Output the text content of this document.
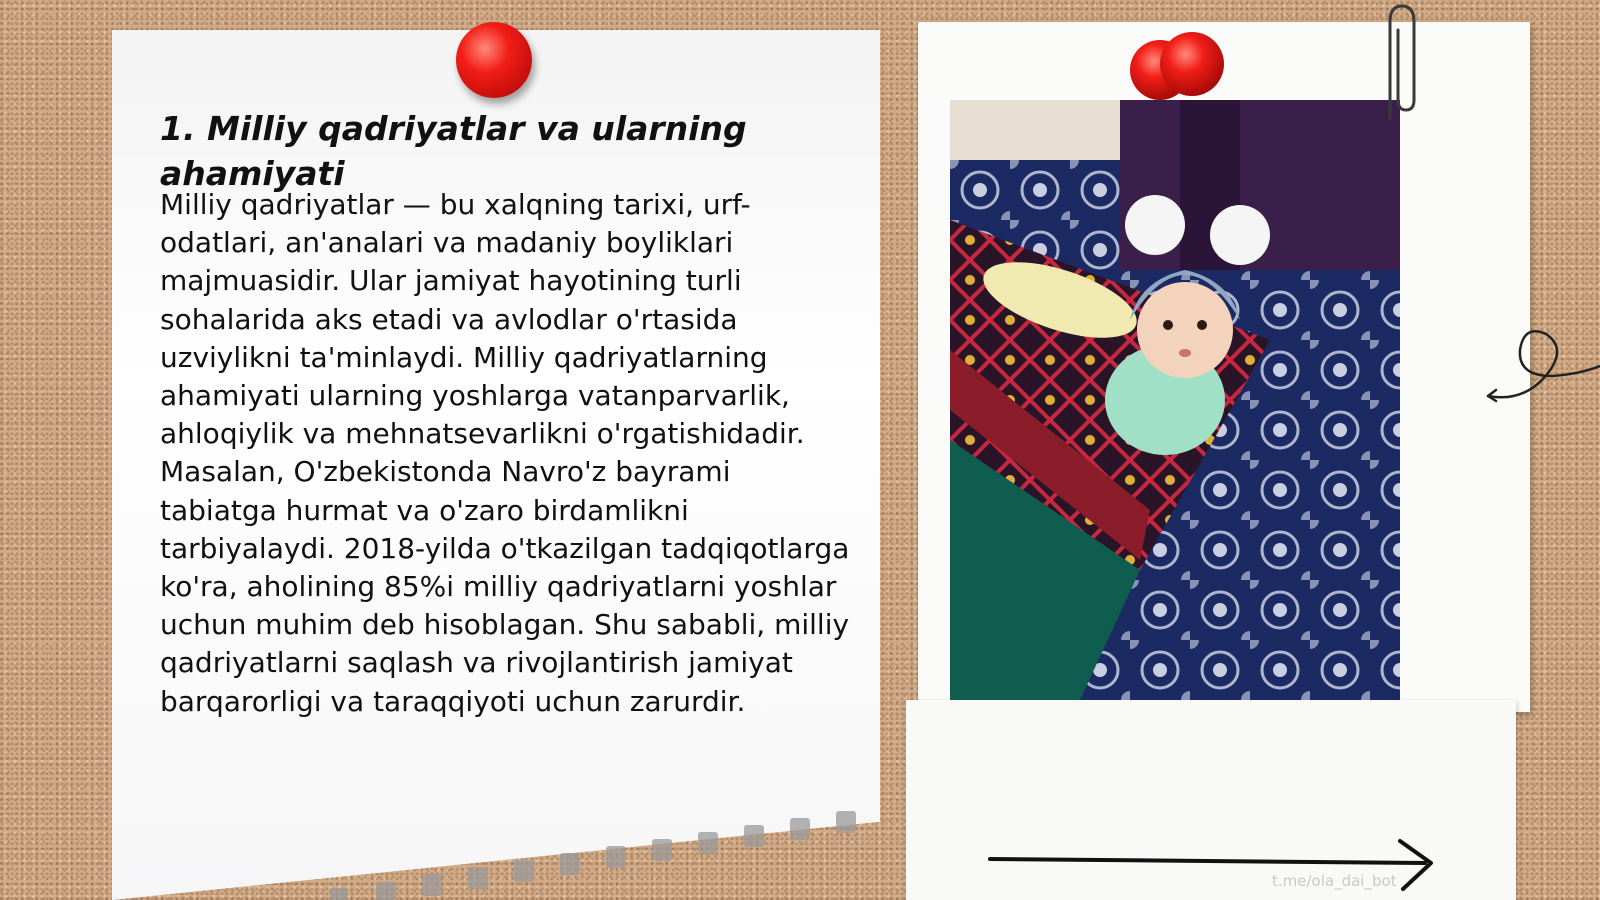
1. Milliy qadriyatlar va ularning ahamiyati

Milliy qadriyatlar — bu xalqning tarixi, urf-odatlari, an'analari va madaniy boyliklari majmuasidir. Ular jamiyat hayotining turli sohalarida aks etadi va avlodlar o'rtasida uzviylikni ta'minlaydi. Milliy qadriyatlarning ahamiyati ularning yoshlarga vatanparvarlik, ahloqiylik va mehnatsevarlikni o'rgatishidadir. Masalan, O'zbekistonda Navro'z bayrami tabiatga hurmat va o'zaro birdamlikni tarbiyalaydi. 2018-yilda o'tkazilgan tadqiqotlarga ko'ra, aholining 85%i milliy qadriyatlarni yoshlar uchun muhim deb hisoblagan. Shu sababli, milliy qadriyatlarni saqlash va rivojlantirish jamiyat barqarorligi va taraqqiyoti uchun zarurdir.

t.me/ola_dai_bot
